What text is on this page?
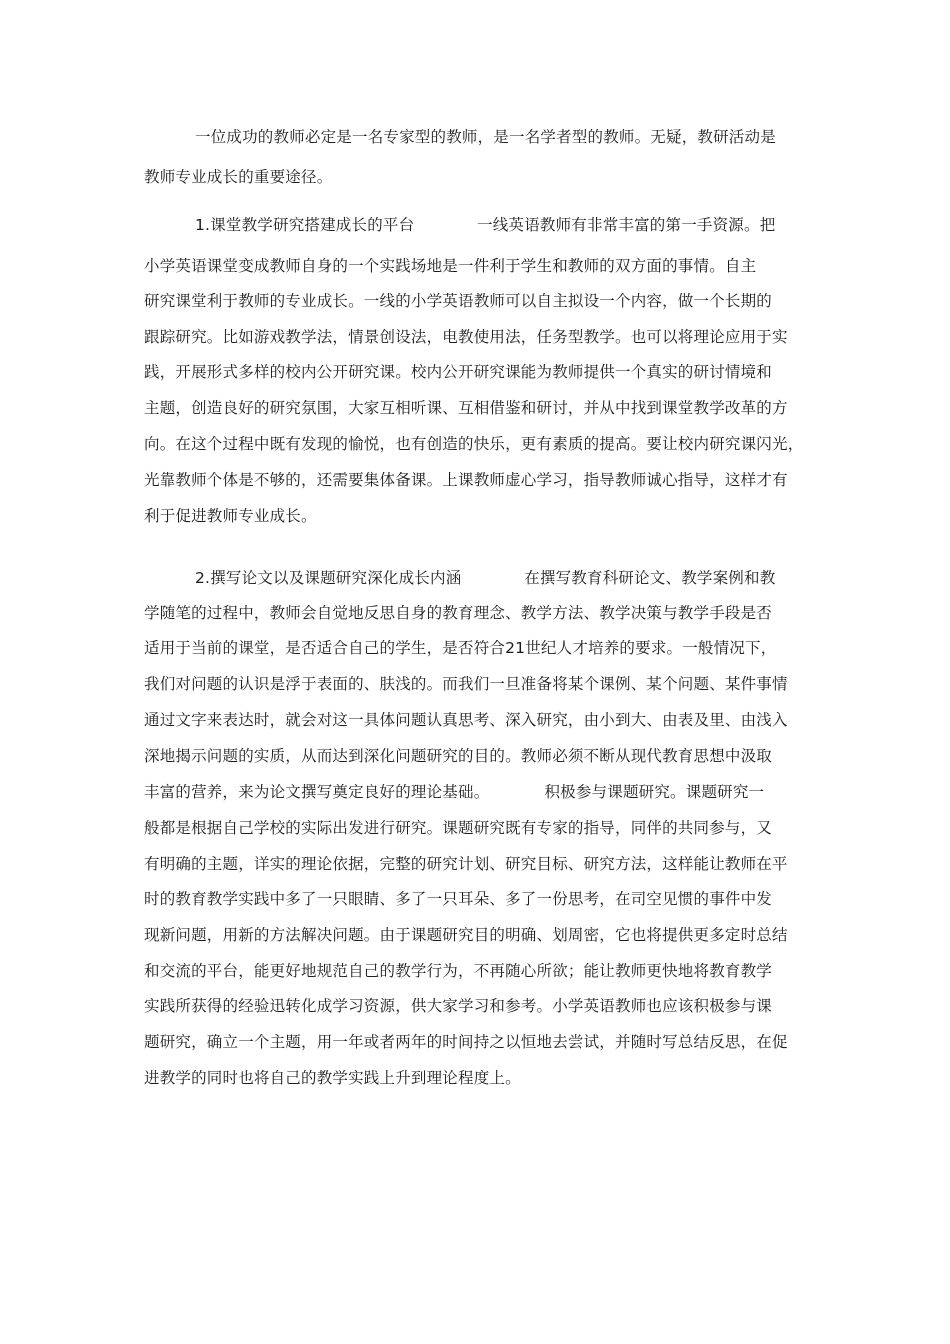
一位成功的教师必定是一名专家型的教师，是一名学者型的教师。无疑，教研活动是
教师专业成长的重要途径。
1.课堂教学研究搭建成长的平台　　　　一线英语教师有非常丰富的第一手资源。把
小学英语课堂变成教师自身的一个实践场地是一件利于学生和教师的双方面的事情。自主
研究课堂利于教师的专业成长。一线的小学英语教师可以自主拟设一个内容，做一个长期的
跟踪研究。比如游戏教学法，情景创设法，电教使用法，任务型教学。也可以将理论应用于实
践，开展形式多样的校内公开研究课。校内公开研究课能为教师提供一个真实的研讨情境和
主题，创造良好的研究氛围，大家互相听课、互相借鉴和研讨，并从中找到课堂教学改革的方
向。在这个过程中既有发现的愉悦，也有创造的快乐，更有素质的提高。要让校内研究课闪光，
光靠教师个体是不够的，还需要集体备课。上课教师虚心学习，指导教师诚心指导，这样才有
利于促进教师专业成长。
2.撰写论文以及课题研究深化成长内涵　　　　在撰写教育科研论文、教学案例和教
学随笔的过程中，教师会自觉地反思自身的教育理念、教学方法、教学决策与教学手段是否
适用于当前的课堂，是否适合自己的学生，是否符合21世纪人才培养的要求。一般情况下，
我们对问题的认识是浮于表面的、肤浅的。而我们一旦准备将某个课例、某个问题、某件事情
通过文字来表达时，就会对这一具体问题认真思考、深入研究，由小到大、由表及里、由浅入
深地揭示问题的实质，从而达到深化问题研究的目的。教师必须不断从现代教育思想中汲取
丰富的营养，来为论文撰写奠定良好的理论基础。　　　　积极参与课题研究。课题研究一
般都是根据自己学校的实际出发进行研究。课题研究既有专家的指导，同伴的共同参与，又
有明确的主题，详实的理论依据，完整的研究计划、研究目标、研究方法，这样能让教师在平
时的教育教学实践中多了一只眼睛、多了一只耳朵、多了一份思考，在司空见惯的事件中发
现新问题，用新的方法解决问题。由于课题研究目的明确、划周密，它也将提供更多定时总结
和交流的平台，能更好地规范自己的教学行为，不再随心所欲；能让教师更快地将教育教学
实践所获得的经验迅转化成学习资源，供大家学习和参考。小学英语教师也应该积极参与课
题研究，确立一个主题，用一年或者两年的时间持之以恒地去尝试，并随时写总结反思，在促
进教学的同时也将自己的教学实践上升到理论程度上。
